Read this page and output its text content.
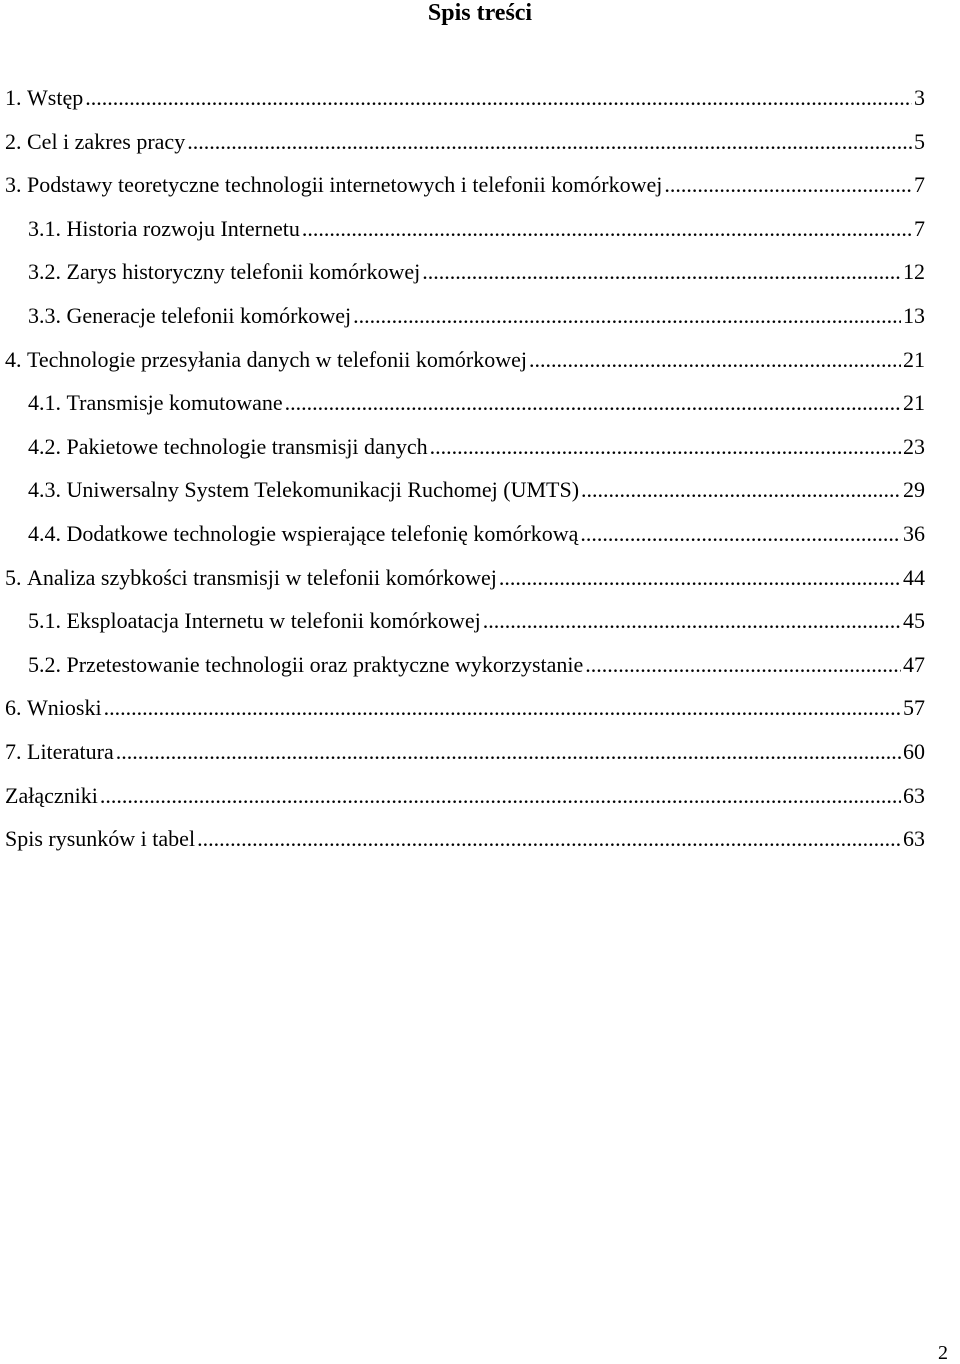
Spis treści
1.
Wstęp .....	3
2.
Cel i zakres pracy .....	5
3.
Podstawy teoretyczne technologii internetowych i telefonii komórkowej .....	7
3.1.
Historia rozwoju Internetu .....	7
3.2.
Zarys historyczny telefonii komórkowej .....	12
3.3.
Generacje telefonii komórkowej .....	13
4.
Technologie przesyłania danych w telefonii komórkowej .....	21
4.1.
Transmisje komutowane .....	21
4.2.
Pakietowe technologie transmisji danych .....	23
4.3.
Uniwersalny System Telekomunikacji Ruchomej (UMTS) .....	29
4.4.
Dodatkowe technologie wspierające telefonię komórkową .....	36
5.
Analiza szybkości transmisji w telefonii komórkowej .....	44
5.1.
Eksploatacja Internetu w telefonii komórkowej .....	45
5.2.
Przetestowanie technologii oraz praktyczne wykorzystanie .....	47
6.
Wnioski .....	57
7.
Literatura .....	60
Załączniki .....	63
Spis rysunków i tabel .....	63
2
